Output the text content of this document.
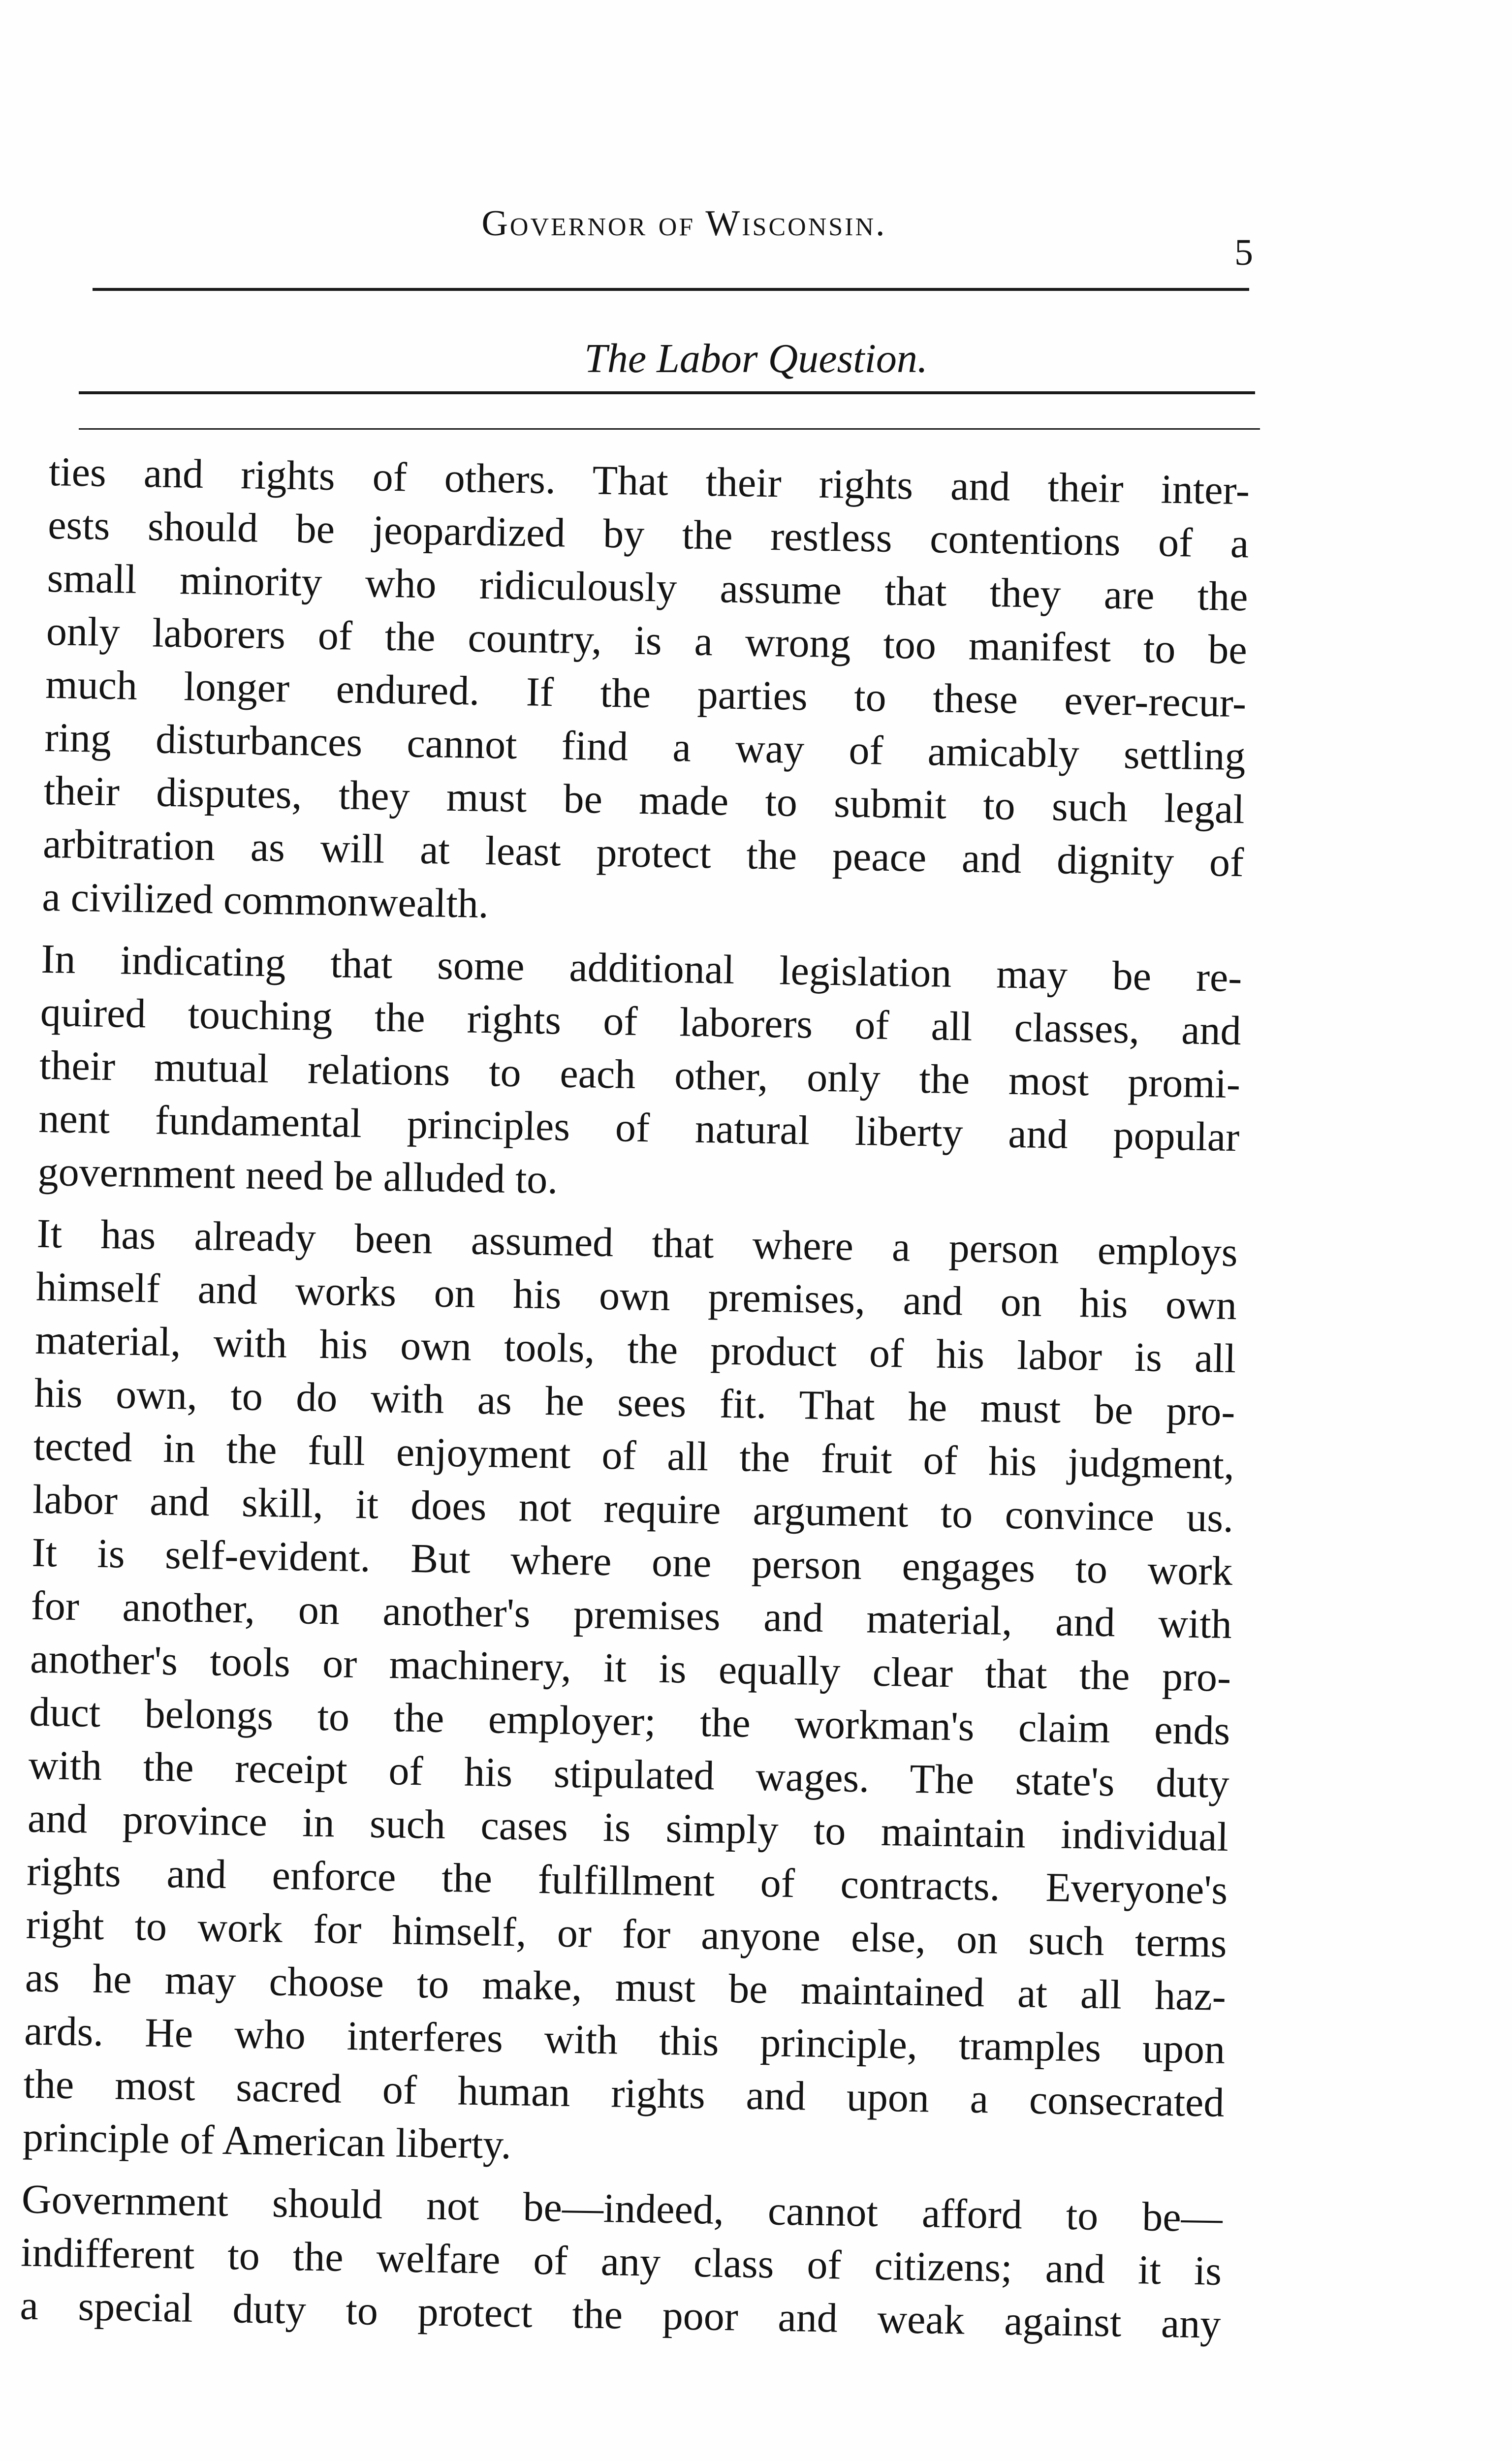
Governor of Wisconsin.
5
The Labor Question.
ties and rights of others. That their rights and their inter-
ests should be jeopardized by the restless contentions of a
small minority who ridiculously assume that they are the
only laborers of the country, is a wrong too manifest to be
much longer endured. If the parties to these ever-recur-
ring disturbances cannot find a way of amicably settling
their disputes, they must be made to submit to such legal
arbitration as will at least protect the peace and dignity of
a civilized commonwealth.
In indicating that some additional legislation may be re-
quired touching the rights of laborers of all classes, and
their mutual relations to each other, only the most promi-
nent fundamental principles of natural liberty and popular
government need be alluded to.
It has already been assumed that where a person employs
himself and works on his own premises, and on his own
material, with his own tools, the product of his labor is all
his own, to do with as he sees fit. That he must be pro-
tected in the full enjoyment of all the fruit of his judgment,
labor and skill, it does not require argument to convince us.
It is self-evident. But where one person engages to work
for another, on another's premises and material, and with
another's tools or machinery, it is equally clear that the pro-
duct belongs to the employer; the workman's claim ends
with the receipt of his stipulated wages. The state's duty
and province in such cases is simply to maintain individual
rights and enforce the fulfillment of contracts. Everyone's
right to work for himself, or for anyone else, on such terms
as he may choose to make, must be maintained at all haz-
ards. He who interferes with this principle, tramples upon
the most sacred of human rights and upon a consecrated
principle of American liberty.
Government should not be—indeed, cannot afford to be—
indifferent to the welfare of any class of citizens; and it is
a special duty to protect the poor and weak against any
